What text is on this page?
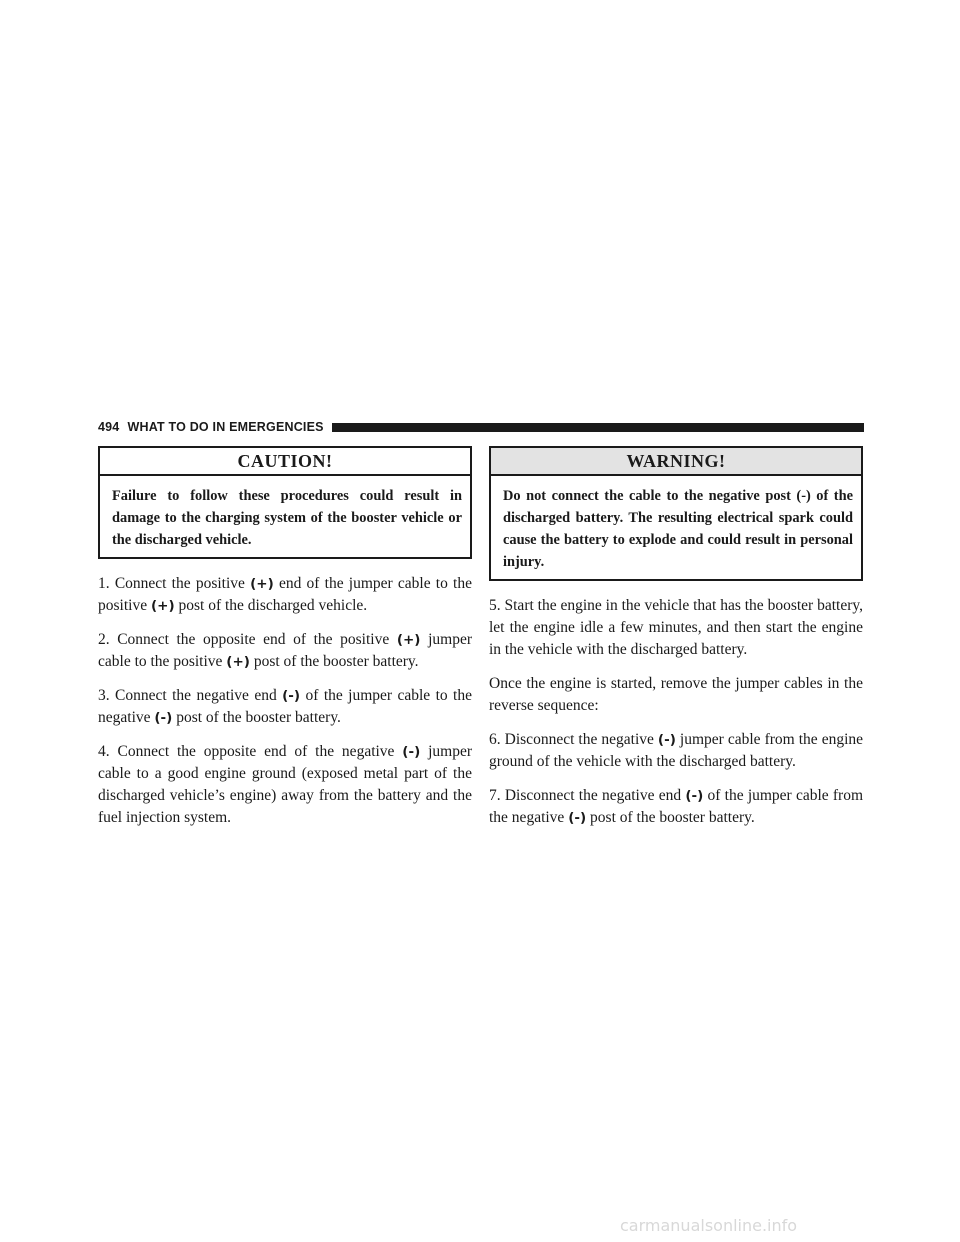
494 WHAT TO DO IN EMERGENCIES
CAUTION!
Failure to follow these procedures could result in damage to the charging system of the booster vehicle or the discharged vehicle.

1. Connect the positive (+) end of the jumper cable to the positive (+) post of the discharged vehicle.

2. Connect the opposite end of the positive (+) jumper cable to the positive (+) post of the booster battery.

3. Connect the negative end (-) of the jumper cable to the negative (-) post of the booster battery.

4. Connect the opposite end of the negative (-) jumper cable to a good engine ground (exposed metal part of the discharged vehicle’s engine) away from the battery and the fuel injection system.

WARNING!
Do not connect the cable to the negative post (-) of the discharged battery. The resulting electrical spark could cause the battery to explode and could result in personal injury.

5. Start the engine in the vehicle that has the booster battery, let the engine idle a few minutes, and then start the engine in the vehicle with the discharged battery.

Once the engine is started, remove the jumper cables in the reverse sequence:

6. Disconnect the negative (-) jumper cable from the engine ground of the vehicle with the discharged battery.

7. Disconnect the negative end (-) of the jumper cable from the negative (-) post of the booster battery.

carmanualsonline.info
